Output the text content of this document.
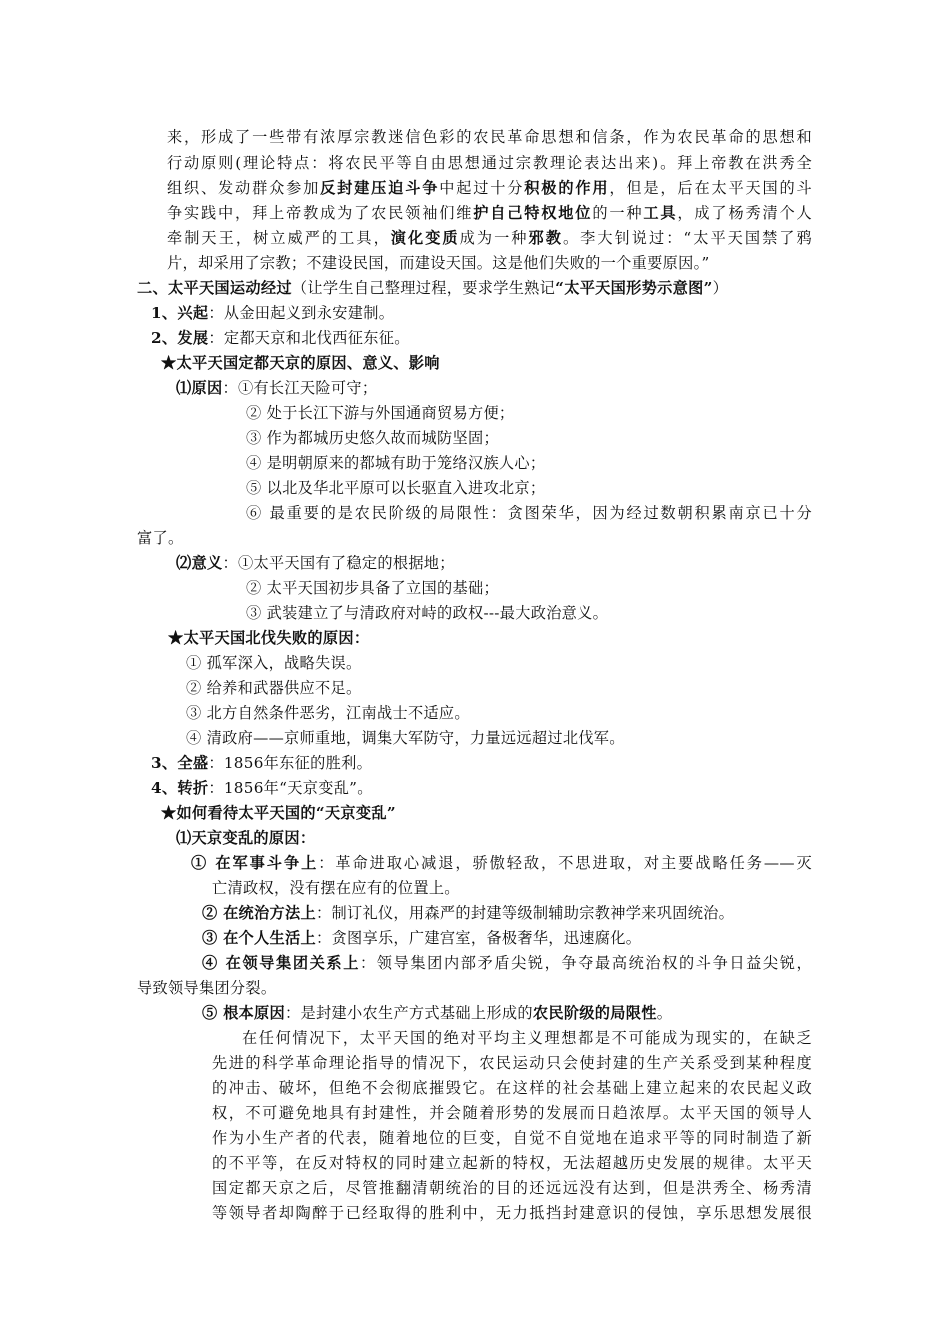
来，形成了一些带有浓厚宗教迷信色彩的农民革命思想和信条，作为农民革命的思想和
行动原则(理论特点：将农民平等自由思想通过宗教理论表达出来)。拜上帝教在洪秀全
组织、发动群众参加反封建压迫斗争中起过十分积极的作用，但是，后在太平天国的斗
争实践中，拜上帝教成为了农民领袖们维护自己特权地位的一种工具，成了杨秀清个人
牵制天王，树立威严的工具，演化变质成为一种邪教。李大钊说过：“太平天国禁了鸦
片，却采用了宗教；不建设民国，而建设天国。这是他们失败的一个重要原因。”
二、太平天国运动经过（让学生自己整理过程，要求学生熟记“太平天国形势示意图”）
1、兴起：从金田起义到永安建制。
2、发展：定都天京和北伐西征东征。
★太平天国定都天京的原因、意义、影响
⑴原因：①有长江天险可守；
② 处于长江下游与外国通商贸易方便；
③ 作为都城历史悠久故而城防坚固；
④ 是明朝原来的都城有助于笼络汉族人心；
⑤ 以北及华北平原可以长驱直入进攻北京；
⑥ 最重要的是农民阶级的局限性：贪图荣华，因为经过数朝积累南京已十分
富了。
⑵意义：①太平天国有了稳定的根据地；
② 太平天国初步具备了立国的基础；
③ 武装建立了与清政府对峙的政权---最大政治意义。
★太平天国北伐失败的原因：
① 孤军深入，战略失误。
② 给养和武器供应不足。
③ 北方自然条件恶劣，江南战士不适应。
④ 清政府——京师重地，调集大军防守，力量远远超过北伐军。
3、全盛：1856年东征的胜利。
4、转折：1856年“天京变乱”。
★如何看待太平天国的“天京变乱”
⑴天京变乱的原因：
① 在军事斗争上：革命进取心减退，骄傲轻敌，不思进取，对主要战略任务——灭
亡清政权，没有摆在应有的位置上。
② 在统治方法上：制订礼仪，用森严的封建等级制辅助宗教神学来巩固统治。
③ 在个人生活上：贪图享乐，广建宫室，备极奢华，迅速腐化。
④ 在领导集团关系上：领导集团内部矛盾尖锐，争夺最高统治权的斗争日益尖锐，
导致领导集团分裂。
⑤ 根本原因：是封建小农生产方式基础上形成的农民阶级的局限性。
在任何情况下，太平天国的绝对平均主义理想都是不可能成为现实的，在缺乏
先进的科学革命理论指导的情况下，农民运动只会使封建的生产关系受到某种程度
的冲击、破坏，但绝不会彻底摧毁它。在这样的社会基础上建立起来的农民起义政
权，不可避免地具有封建性，并会随着形势的发展而日趋浓厚。太平天国的领导人
作为小生产者的代表，随着地位的巨变，自觉不自觉地在追求平等的同时制造了新
的不平等，在反对特权的同时建立起新的特权，无法超越历史发展的规律。太平天
国定都天京之后，尽管推翻清朝统治的目的还远远没有达到，但是洪秀全、杨秀清
等领导者却陶醉于已经取得的胜利中，无力抵挡封建意识的侵蚀，享乐思想发展很
